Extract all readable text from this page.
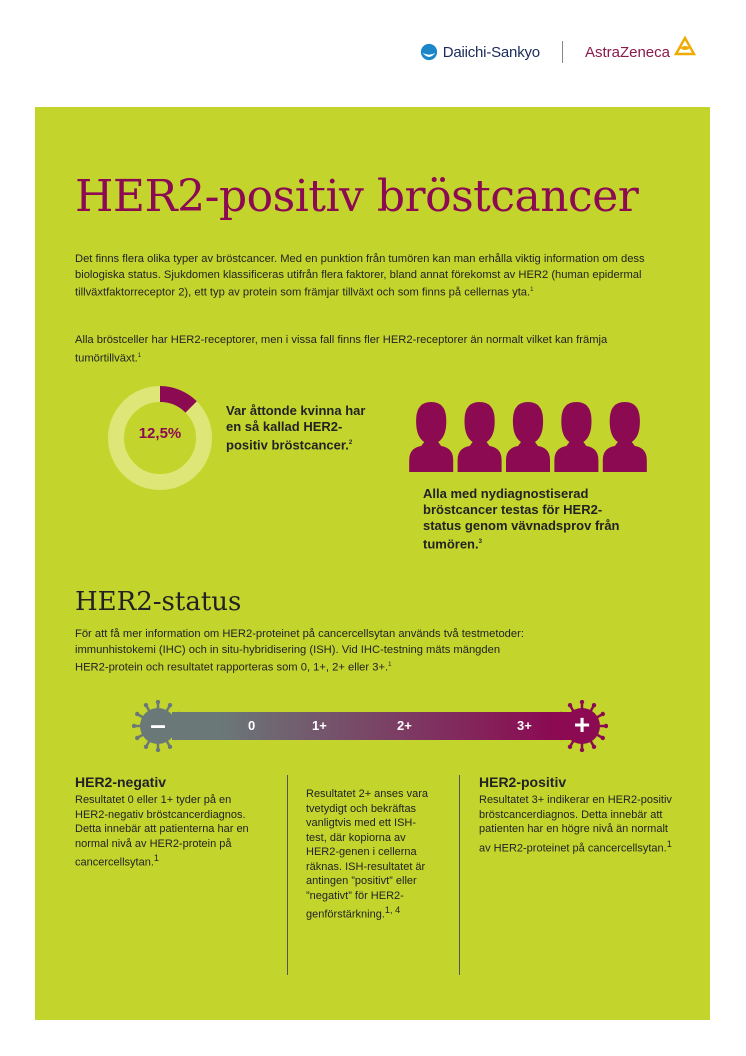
Daiichi-Sankyo	AstraZeneca
HER2-positiv bröstcancer

Det finns flera olika typer av bröstcancer. Med en punktion från tumören kan man erhålla viktig information om dess biologiska status. Sjukdomen klassificeras utifrån flera faktorer, bland annat förekomst av HER2 (human epidermal tillväxtfaktorreceptor 2), ett typ av protein som främjar tillväxt och som finns på cellernas yta.$^1$

Alla bröstceller har HER2-receptorer, men i vissa fall finns fler HER2-receptorer än normalt vilket kan främja tumörtillväxt.$^1$

12,5%

Var åttonde kvinna har en så kallad HER2-positiv bröstcancer.$^2$

Alla med nydiagnostiserad bröstcancer testas för HER2-status genom vävnadsprov från tumören.$^3$

HER2-status

För att få mer information om HER2-proteinet på cancercellsytan används två testmetoder: immunhistokemi (IHC) och in situ-hybridisering (ISH). Vid IHC-testning mäts mängden HER2-protein och resultatet rapporteras som 0, 1+, 2+ eller 3+.$^1$

–	0	1+	2+	3+	+
HER2-negativ

Resultatet 0 eller 1+ tyder på en HER2-negativ bröstcancerdiagnos. Detta innebär att patienterna har en normal nivå av HER2-protein på cancercellsytan.$^1$

Resultatet 2+ anses vara tvetydigt och bekräftas vanligtvis med ett ISH-test, där kopiorna av HER2-genen i cellerna räknas. ISH-resultatet är antingen ”positivt” eller ”negativt” för HER2-genförstärkning.$^{1, 4}$

HER2-positiv

Resultatet 3+ indikerar en HER2-positiv bröstcancerdiagnos. Detta innebär att patienten har en högre nivå än normalt av HER2-proteinet på cancercellsytan.$^1$
